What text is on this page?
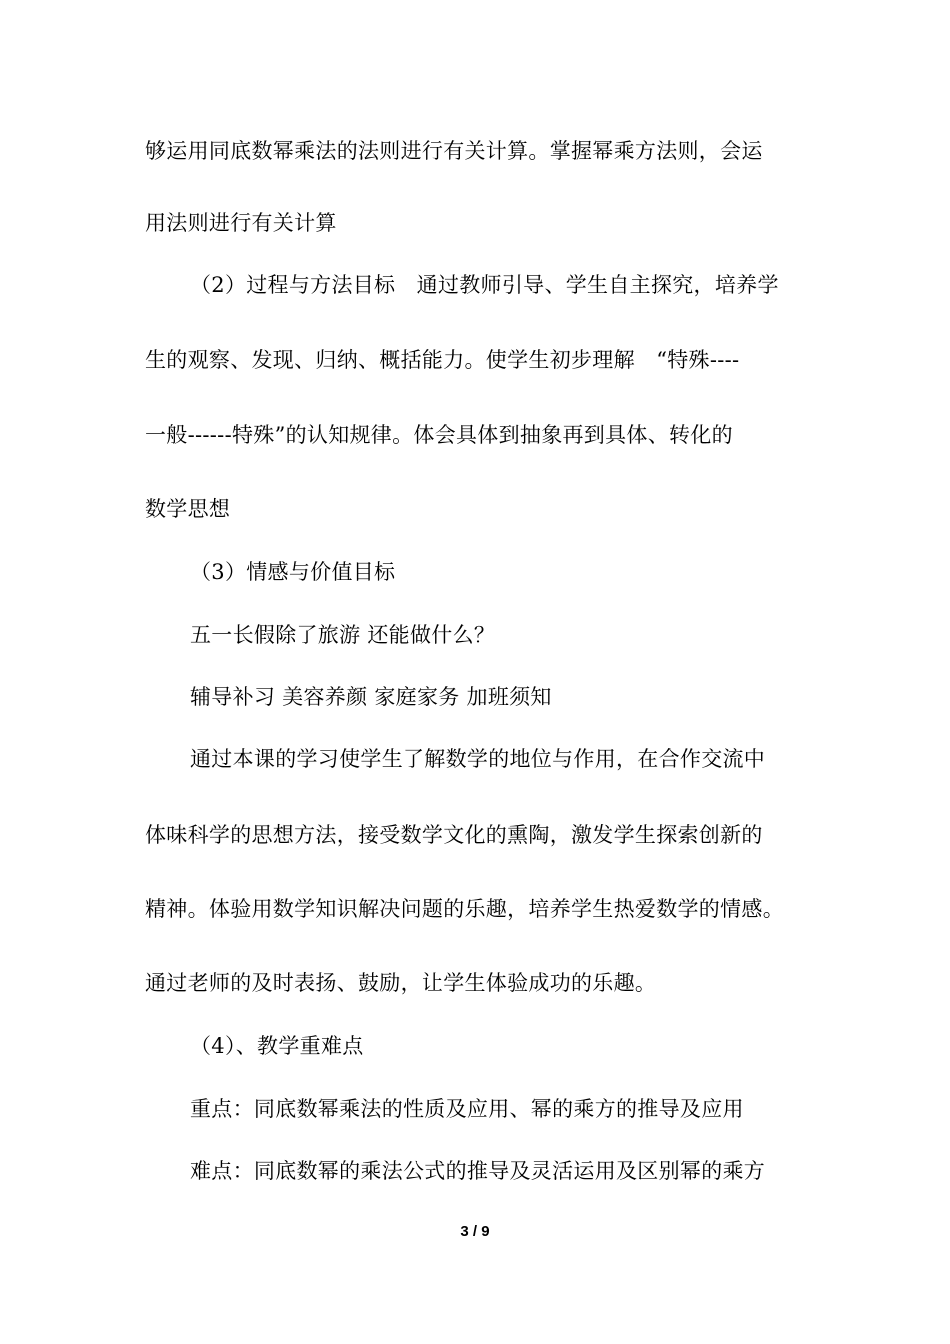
够运用同底数幂乘法的法则进行有关计算。掌握幂乘方法则，会运
用法则进行有关计算
（2）过程与方法目标　通过教师引导、学生自主探究，培养学
生的观察、发现、归纳、概括能力。使学生初步理解　“特殊----
一般------特殊”的认知规律。体会具体到抽象再到具体、转化的
数学思想
（3）情感与价值目标
五一长假除了旅游 还能做什么？
辅导补习 美容养颜 家庭家务 加班须知
通过本课的学习使学生了解数学的地位与作用，在合作交流中
体味科学的思想方法，接受数学文化的熏陶，激发学生探索创新的
精神。体验用数学知识解决问题的乐趣，培养学生热爱数学的情感。
通过老师的及时表扬、鼓励，让学生体验成功的乐趣。
（4）、教学重难点
重点：同底数幂乘法的性质及应用、幂的乘方的推导及应用
难点：同底数幂的乘法公式的推导及灵活运用及区别幂的乘方
3 / 9
